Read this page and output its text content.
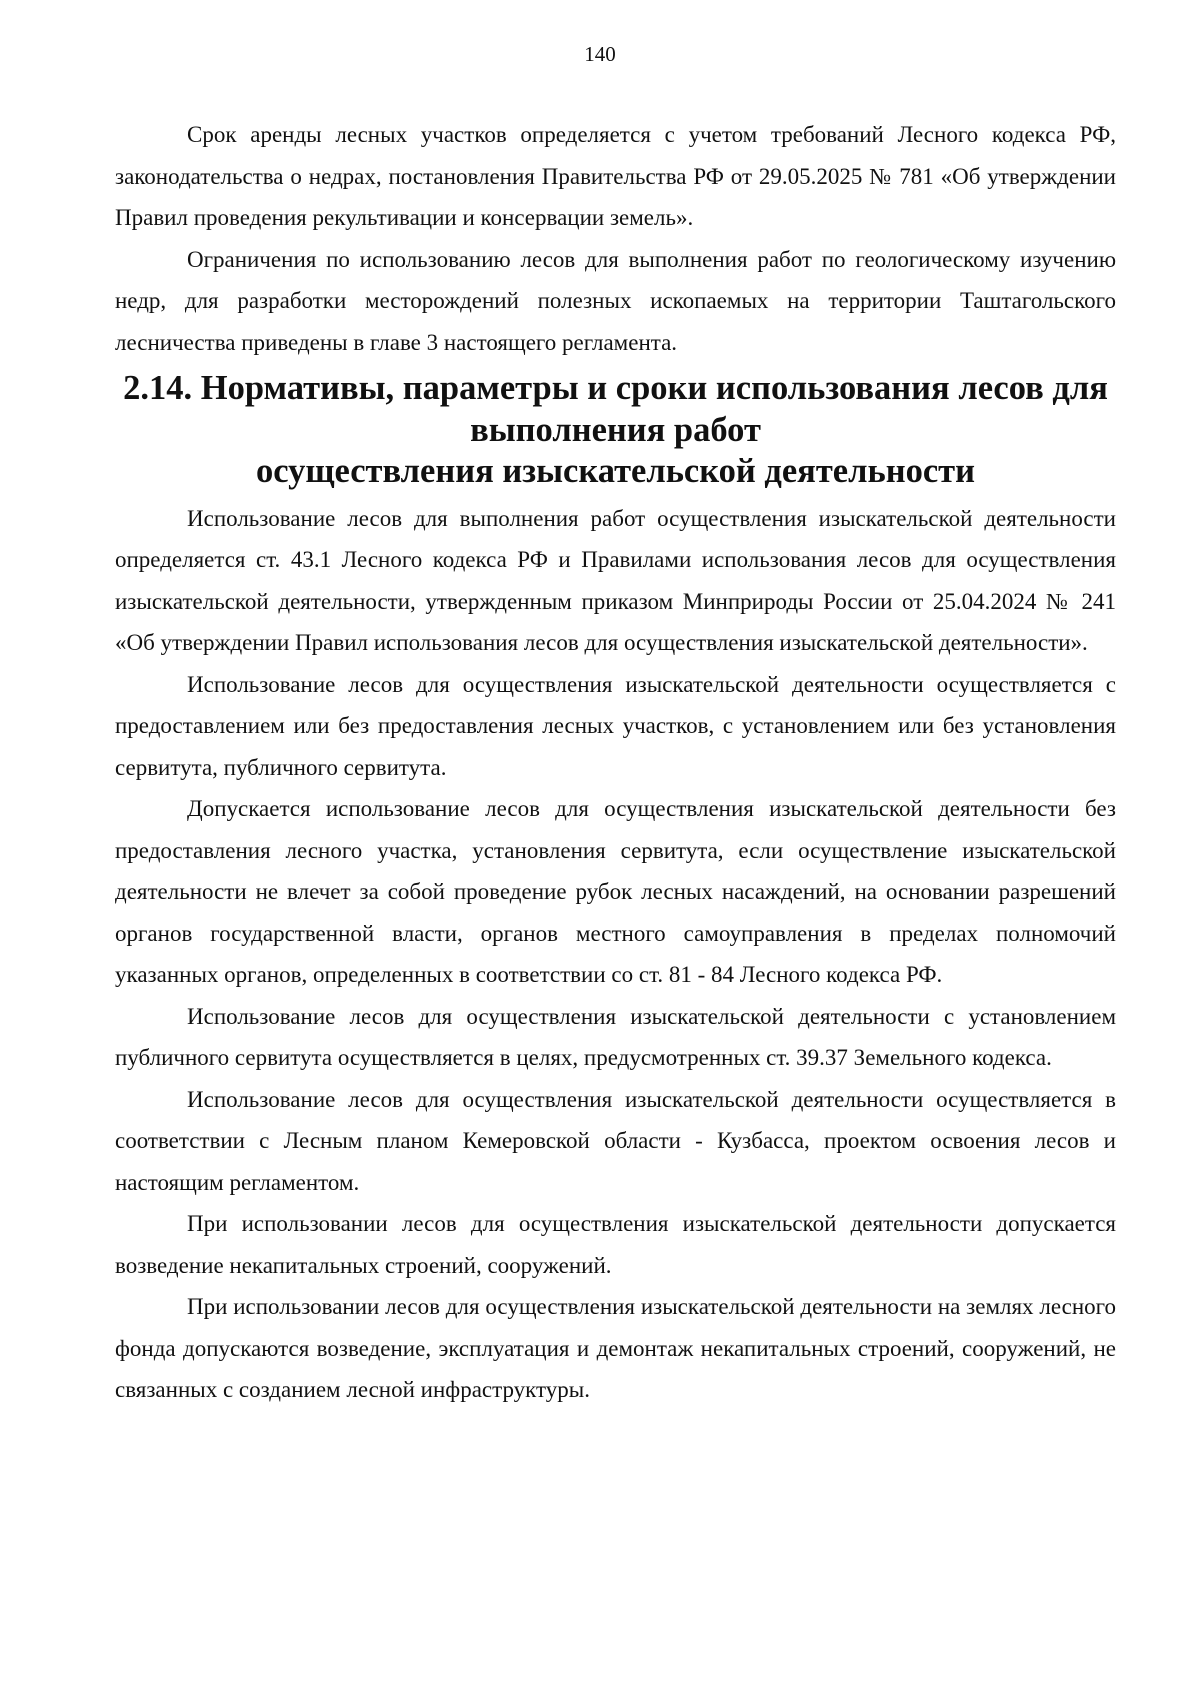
140

Срок аренды лесных участков определяется с учетом требований Лесного кодекса РФ, законодательства о недрах, постановления Правительства РФ от 29.05.2025 № 781 «Об утверждении Правил проведения рекультивации и консервации земель».

Ограничения по использованию лесов для выполнения работ по геологическому изучению недр, для разработки месторождений полезных ископаемых на территории Таштагольского лесничества приведены в главе 3 настоящего регламента.

2.14. Нормативы, параметры и сроки использования лесов для выполнения работ
осуществления изыскательской деятельности

Использование лесов для выполнения работ осуществления изыскательской деятельности определяется ст. 43.1 Лесного кодекса РФ и Правилами использования лесов для осуществления изыскательской деятельности, утвержденным приказом Минприроды России от 25.04.2024 № 241 «Об утверждении Правил использования лесов для осуществления изыскательской деятельности».

Использование лесов для осуществления изыскательской деятельности осуществляется с предоставлением или без предоставления лесных участков, с установлением или без установления сервитута, публичного сервитута.

Допускается использование лесов для осуществления изыскательской деятельности без предоставления лесного участка, установления сервитута, если осуществление изыскательской деятельности не влечет за собой проведение рубок лесных насаждений, на основании разрешений органов государственной власти, органов местного самоуправления в пределах полномочий указанных органов, определенных в соответствии со ст. 81 - 84 Лесного кодекса РФ.

Использование лесов для осуществления изыскательской деятельности с установлением публичного сервитута осуществляется в целях, предусмотренных ст. 39.37 Земельного кодекса.

Использование лесов для осуществления изыскательской деятельности осуществляется в соответствии с Лесным планом Кемеровской области - Кузбасса, проектом освоения лесов и настоящим регламентом.

При использовании лесов для осуществления изыскательской деятельности допускается возведение некапитальных строений, сооружений.

При использовании лесов для осуществления изыскательской деятельности на землях лесного фонда допускаются возведение, эксплуатация и демонтаж некапитальных строений, сооружений, не связанных с созданием лесной инфраструктуры.
